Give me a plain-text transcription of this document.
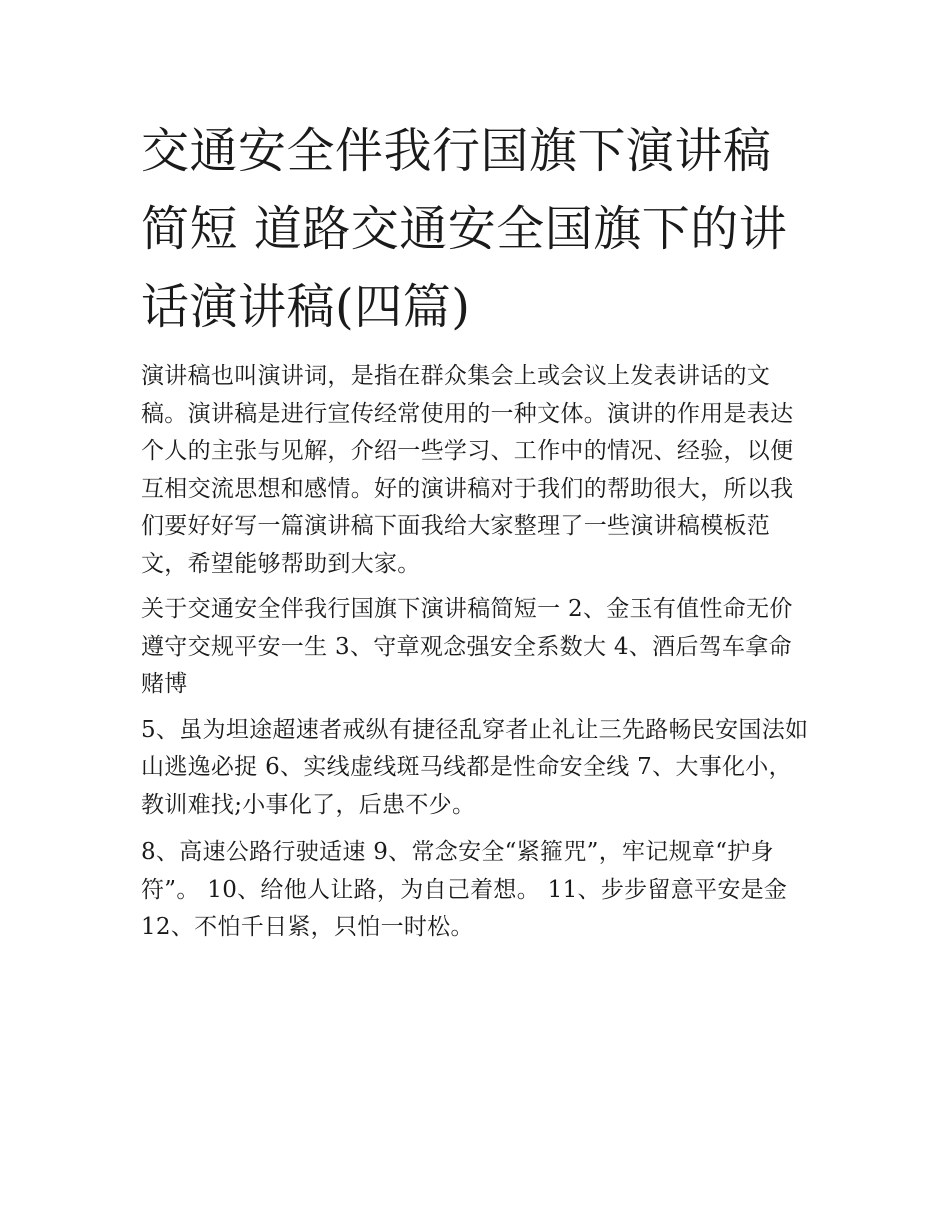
交通安全伴我行国旗下演讲稿简短 道路交通安全国旗下的讲话演讲稿(四篇)

演讲稿也叫演讲词，是指在群众集会上或会议上发表讲话的文稿。演讲稿是进行宣传经常使用的一种文体。演讲的作用是表达个人的主张与见解，介绍一些学习、工作中的情况、经验，以便互相交流思想和感情。好的演讲稿对于我们的帮助很大，所以我们要好好写一篇演讲稿下面我给大家整理了一些演讲稿模板范文，希望能够帮助到大家。

关于交通安全伴我行国旗下演讲稿简短一 2、金玉有值性命无价遵守交规平安一生 3、守章观念强安全系数大 4、酒后驾车拿命赌博

5、虽为坦途超速者戒纵有捷径乱穿者止礼让三先路畅民安国法如山逃逸必捉 6、实线虚线斑马线都是性命安全线 7、大事化小，教训难找;小事化了，后患不少。

8、高速公路行驶适速 9、常念安全“紧箍咒”，牢记规章“护身符”。 10、给他人让路，为自己着想。 11、步步留意平安是金 12、不怕千日紧，只怕一时松。
